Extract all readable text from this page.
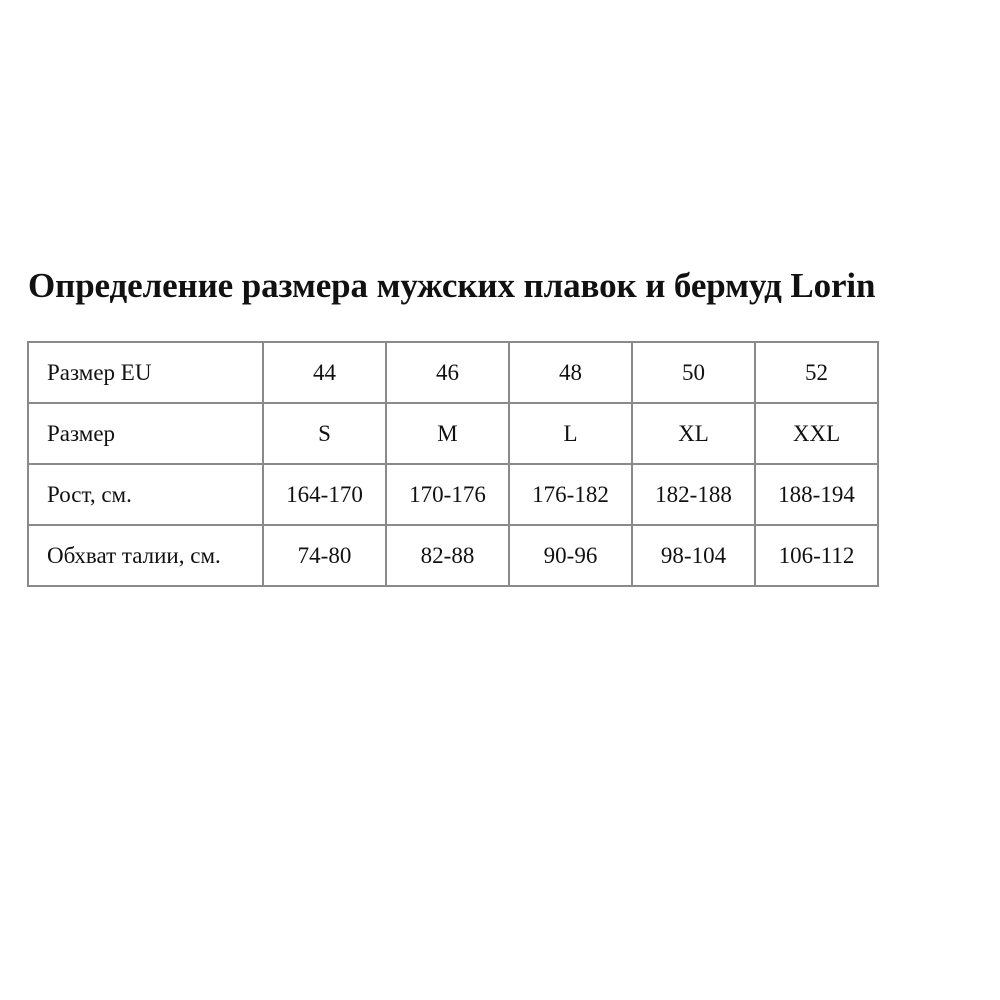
Определение размера мужских плавок и бермуд Lorin
Размер EU	44	46	48	50	52
Размер	S	M	L	XL	XXL
Рост, см.	164-170	170-176	176-182	182-188	188-194
Обхват талии, см.	74-80	82-88	90-96	98-104	106-112
